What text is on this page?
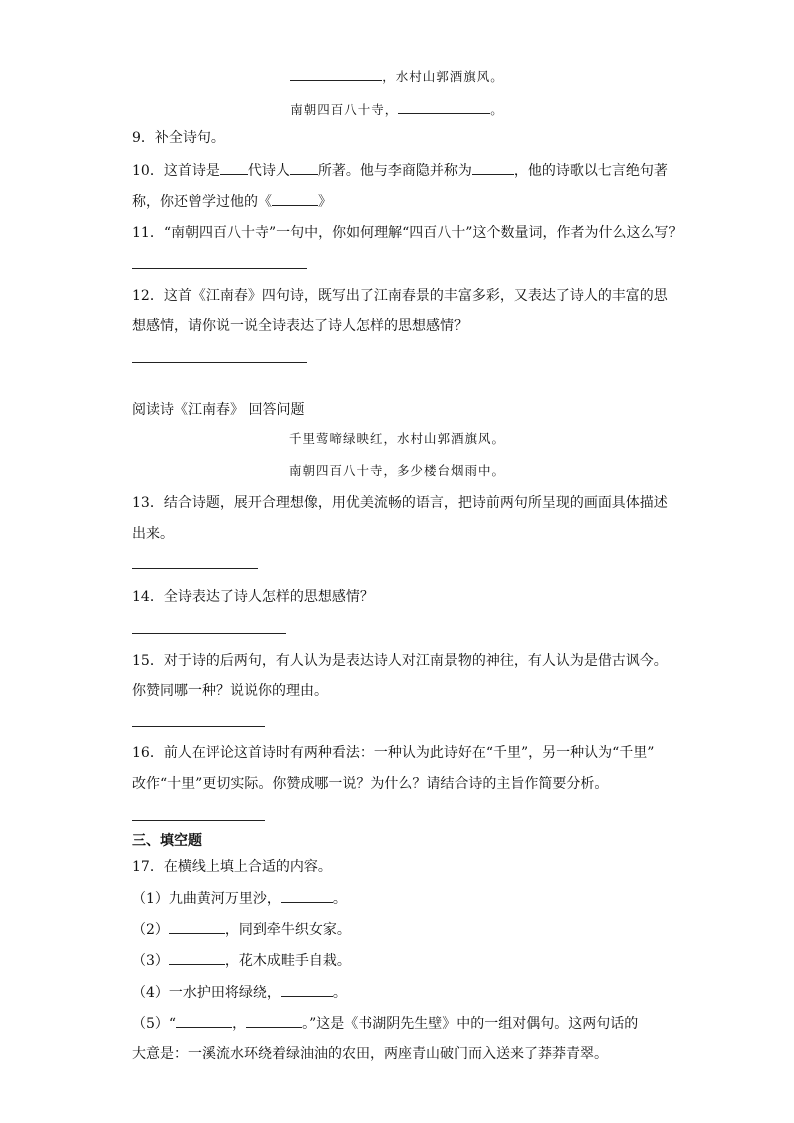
，水村山郭酒旗风。
南朝四百八十寺，	。
9．补全诗句。
10．这首诗是 代诗人 所著。他与李商隐并称为	，他的诗歌以七言绝句著
称，你还曾学过他的《	》
11．“南朝四百八十寺”一句中，你如何理解“四百八十”这个数量词，作者为什么这么写？
12．这首《江南春》四句诗，既写出了江南春景的丰富多彩，又表达了诗人的丰富的思
想感情，请你说一说全诗表达了诗人怎样的思想感情？
阅读诗《江南春》 回答问题
千里莺啼绿映红，水村山郭酒旗风。
南朝四百八十寺，多少楼台烟雨中。
13．结合诗题，展开合理想像，用优美流畅的语言，把诗前两句所呈现的画面具体描述
出来。
14．全诗表达了诗人怎样的思想感情？
15．对于诗的后两句，有人认为是表达诗人对江南景物的神往，有人认为是借古讽今。
你赞同哪一种？说说你的理由。
16．前人在评论这首诗时有两种看法：一种认为此诗好在“千里”，另一种认为“千里”
改作“十里”更切实际。你赞成哪一说？为什么？请结合诗的主旨作简要分析。
三、填空题
17．在横线上填上合适的内容。
（1）九曲黄河万里沙，	。
（2）	，同到牵牛织女家。
（3）	，花木成畦手自栽。
（4）一水护田将绿绕，	。
（5）“	，	。”这是《书湖阴先生壁》中的一组对偶句。这两句话的
大意是：一溪流水环绕着绿油油的农田，两座青山破门而入送来了莽莽青翠。
